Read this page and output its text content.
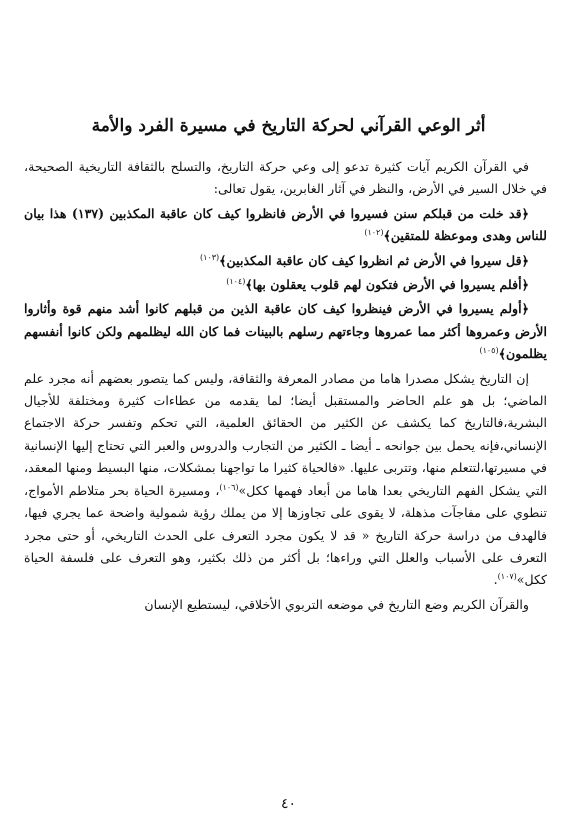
أثر الوعي القرآني لحركة التاريخ في مسيرة الفرد والأمة

في القرآن الكريم آيات كثيرة تدعو إلى وعي حركة التاريخ، والتسلح بالثقافة التاريخية الصحيحة، في خلال السير في الأرض، والنظر في آثار الغابرين، يقول تعالى:

﴿قد خلت من قبلكم سنن فسيروا في الأرض فانظروا كيف كان عاقبة المكذبين (١٣٧) هذا بيان للناس وهدى وموعظة للمتقين﴾$^{(١٠٢)}$

﴿قل سيروا في الأرض ثم انظروا كيف كان عاقبة المكذبين﴾$^{(١٠٣)}$

﴿أفلم يسيروا في الأرض فتكون لهم قلوب يعقلون بها﴾$^{(١٠٤)}$

﴿أولم يسيروا في الأرض فينظروا كيف كان عاقبة الذين من قبلهم كانوا أشد منهم قوة وأثاروا الأرض وعمروها أكثر مما عمروها وجاءتهم رسلهم بالبينات فما كان الله ليظلمهم ولكن كانوا أنفسهم يظلمون﴾$^{(١٠٥)}$

إن التاريخ يشكل مصدرا هاما من مصادر المعرفة والثقافة، وليس كما يتصور بعضهم أنه مجرد علم الماضي؛ بل هو علم الحاضر والمستقبل أيضا؛ لما يقدمه من عطاءات كثيرة ومختلفة للأجيال البشرية،فالتاريخ كما يكشف عن الكثير من الحقائق العلمية، التي تحكم وتفسر حركة الاجتماع الإنساني،فإنه يحمل بين جوانحه ـ أيضا ـ الكثير من التجارب والدروس والعبر التي تحتاج إليها الإنسانية في مسيرتها،لتتعلم منها، وتتربى عليها. «فالحياة كثيرا ما تواجهنا بمشكلات، منها البسيط ومنها المعقد، التي يشكل الفهم التاريخي بعدا هاما من أبعاد فهمها ككل»$^{(١٠٦)}$، ومسيرة الحياة بحر متلاطم الأمواج، تنطوي على مفاجآت مذهلة، لا يقوى على تجاوزها إلا من يملك رؤية شمولية واضحة عما يجري فيها، فالهدف من دراسة حركة التاريخ « قد لا يكون مجرد التعرف على الحدث التاريخي، أو حتى مجرد التعرف على الأسباب والعلل التي وراءها؛ بل أكثر من ذلك بكثير، وهو التعرف على فلسفة الحياة ككل»$^{(١٠٧)}$.

والقرآن الكريم وضع التاريخ في موضعه التربوي الأخلاقي، ليستطيع الإنسان

٤٠
